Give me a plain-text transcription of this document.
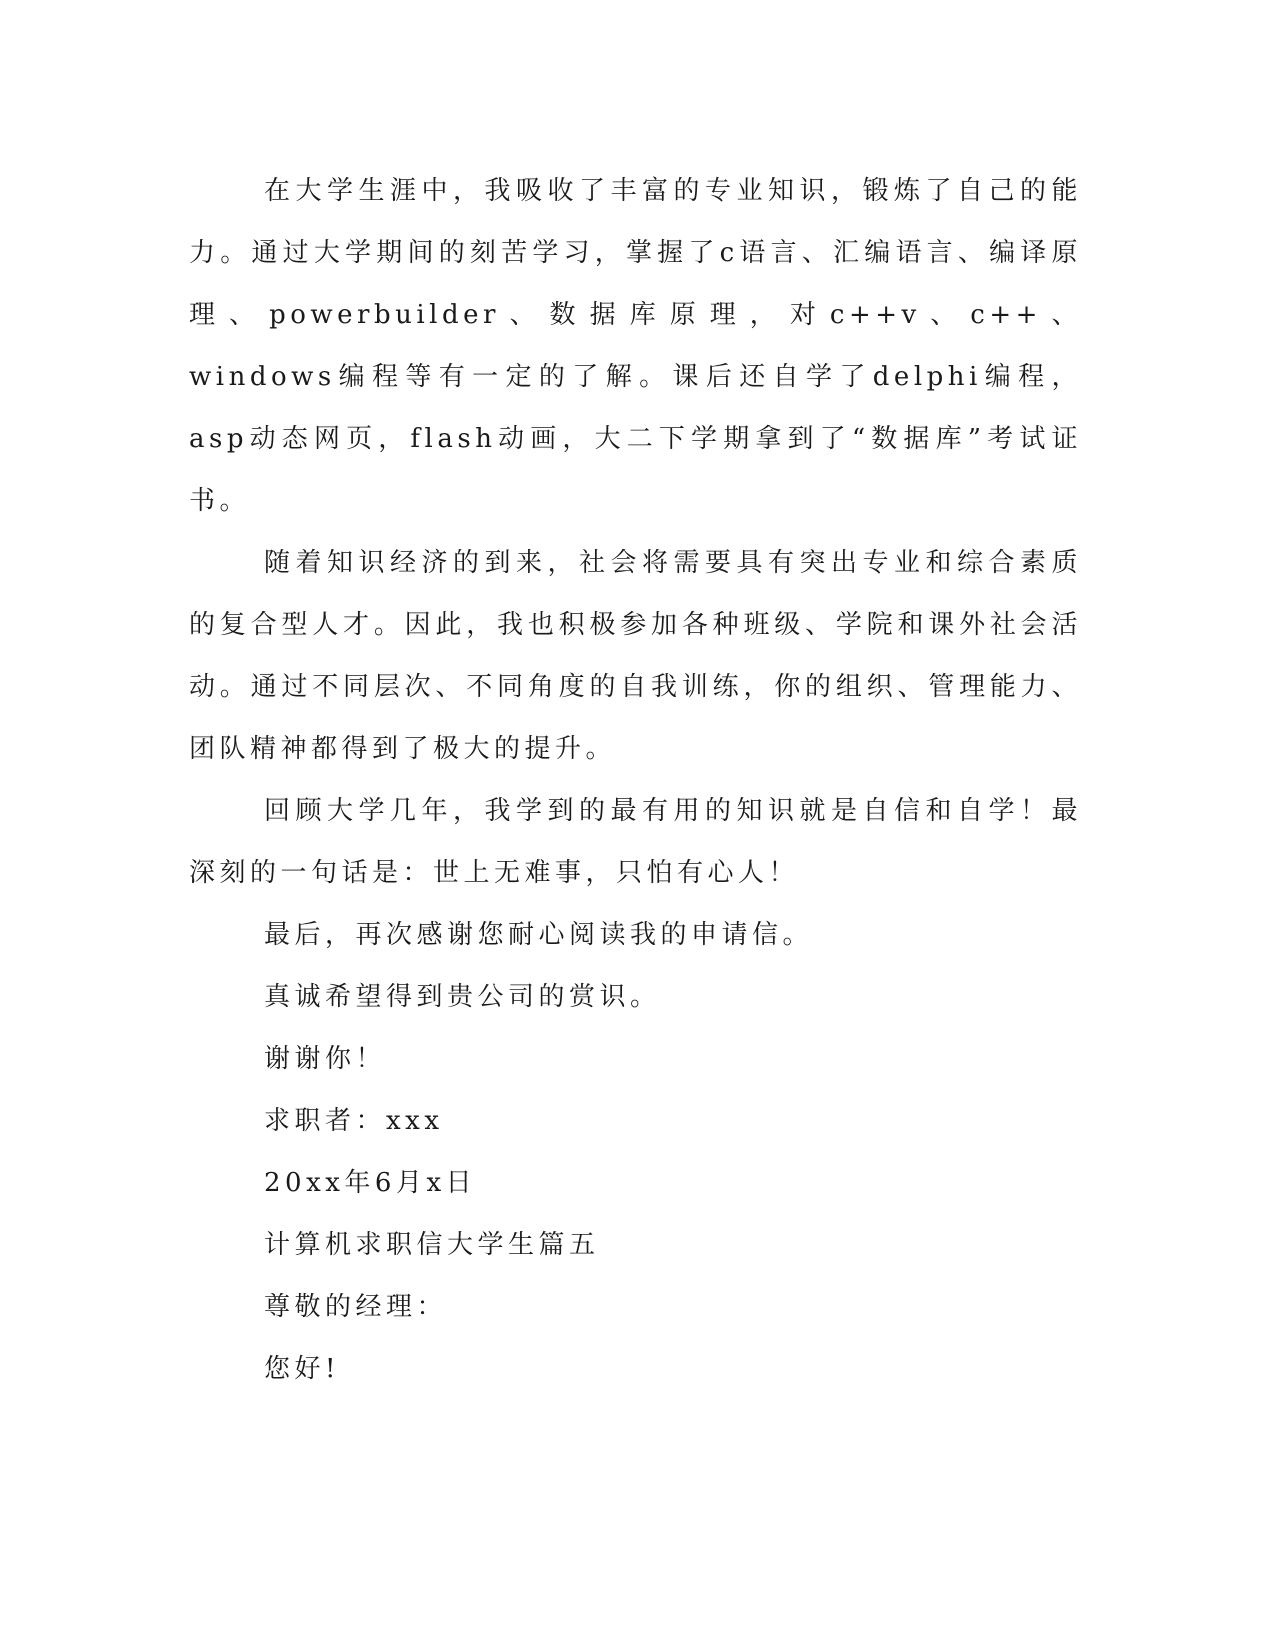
在大学生涯中，我吸收了丰富的专业知识，锻炼了自己的能力。通过大学期间的刻苦学习，掌握了c语言、汇编语言、编译原理、powerbuilder、数据库原理，对c++v、c++、windows编程等有一定的了解。课后还自学了delphi编程，asp动态网页，flash动画，大二下学期拿到了“数据库”考试证书。

随着知识经济的到来，社会将需要具有突出专业和综合素质的复合型人才。因此，我也积极参加各种班级、学院和课外社会活动。通过不同层次、不同角度的自我训练，你的组织、管理能力、团队精神都得到了极大的提升。

回顾大学几年，我学到的最有用的知识就是自信和自学！最深刻的一句话是：世上无难事，只怕有心人！

最后，再次感谢您耐心阅读我的申请信。

真诚希望得到贵公司的赏识。

谢谢你！

求职者：xxx

20xx年6月x日

计算机求职信大学生篇五

尊敬的经理：

您好!
